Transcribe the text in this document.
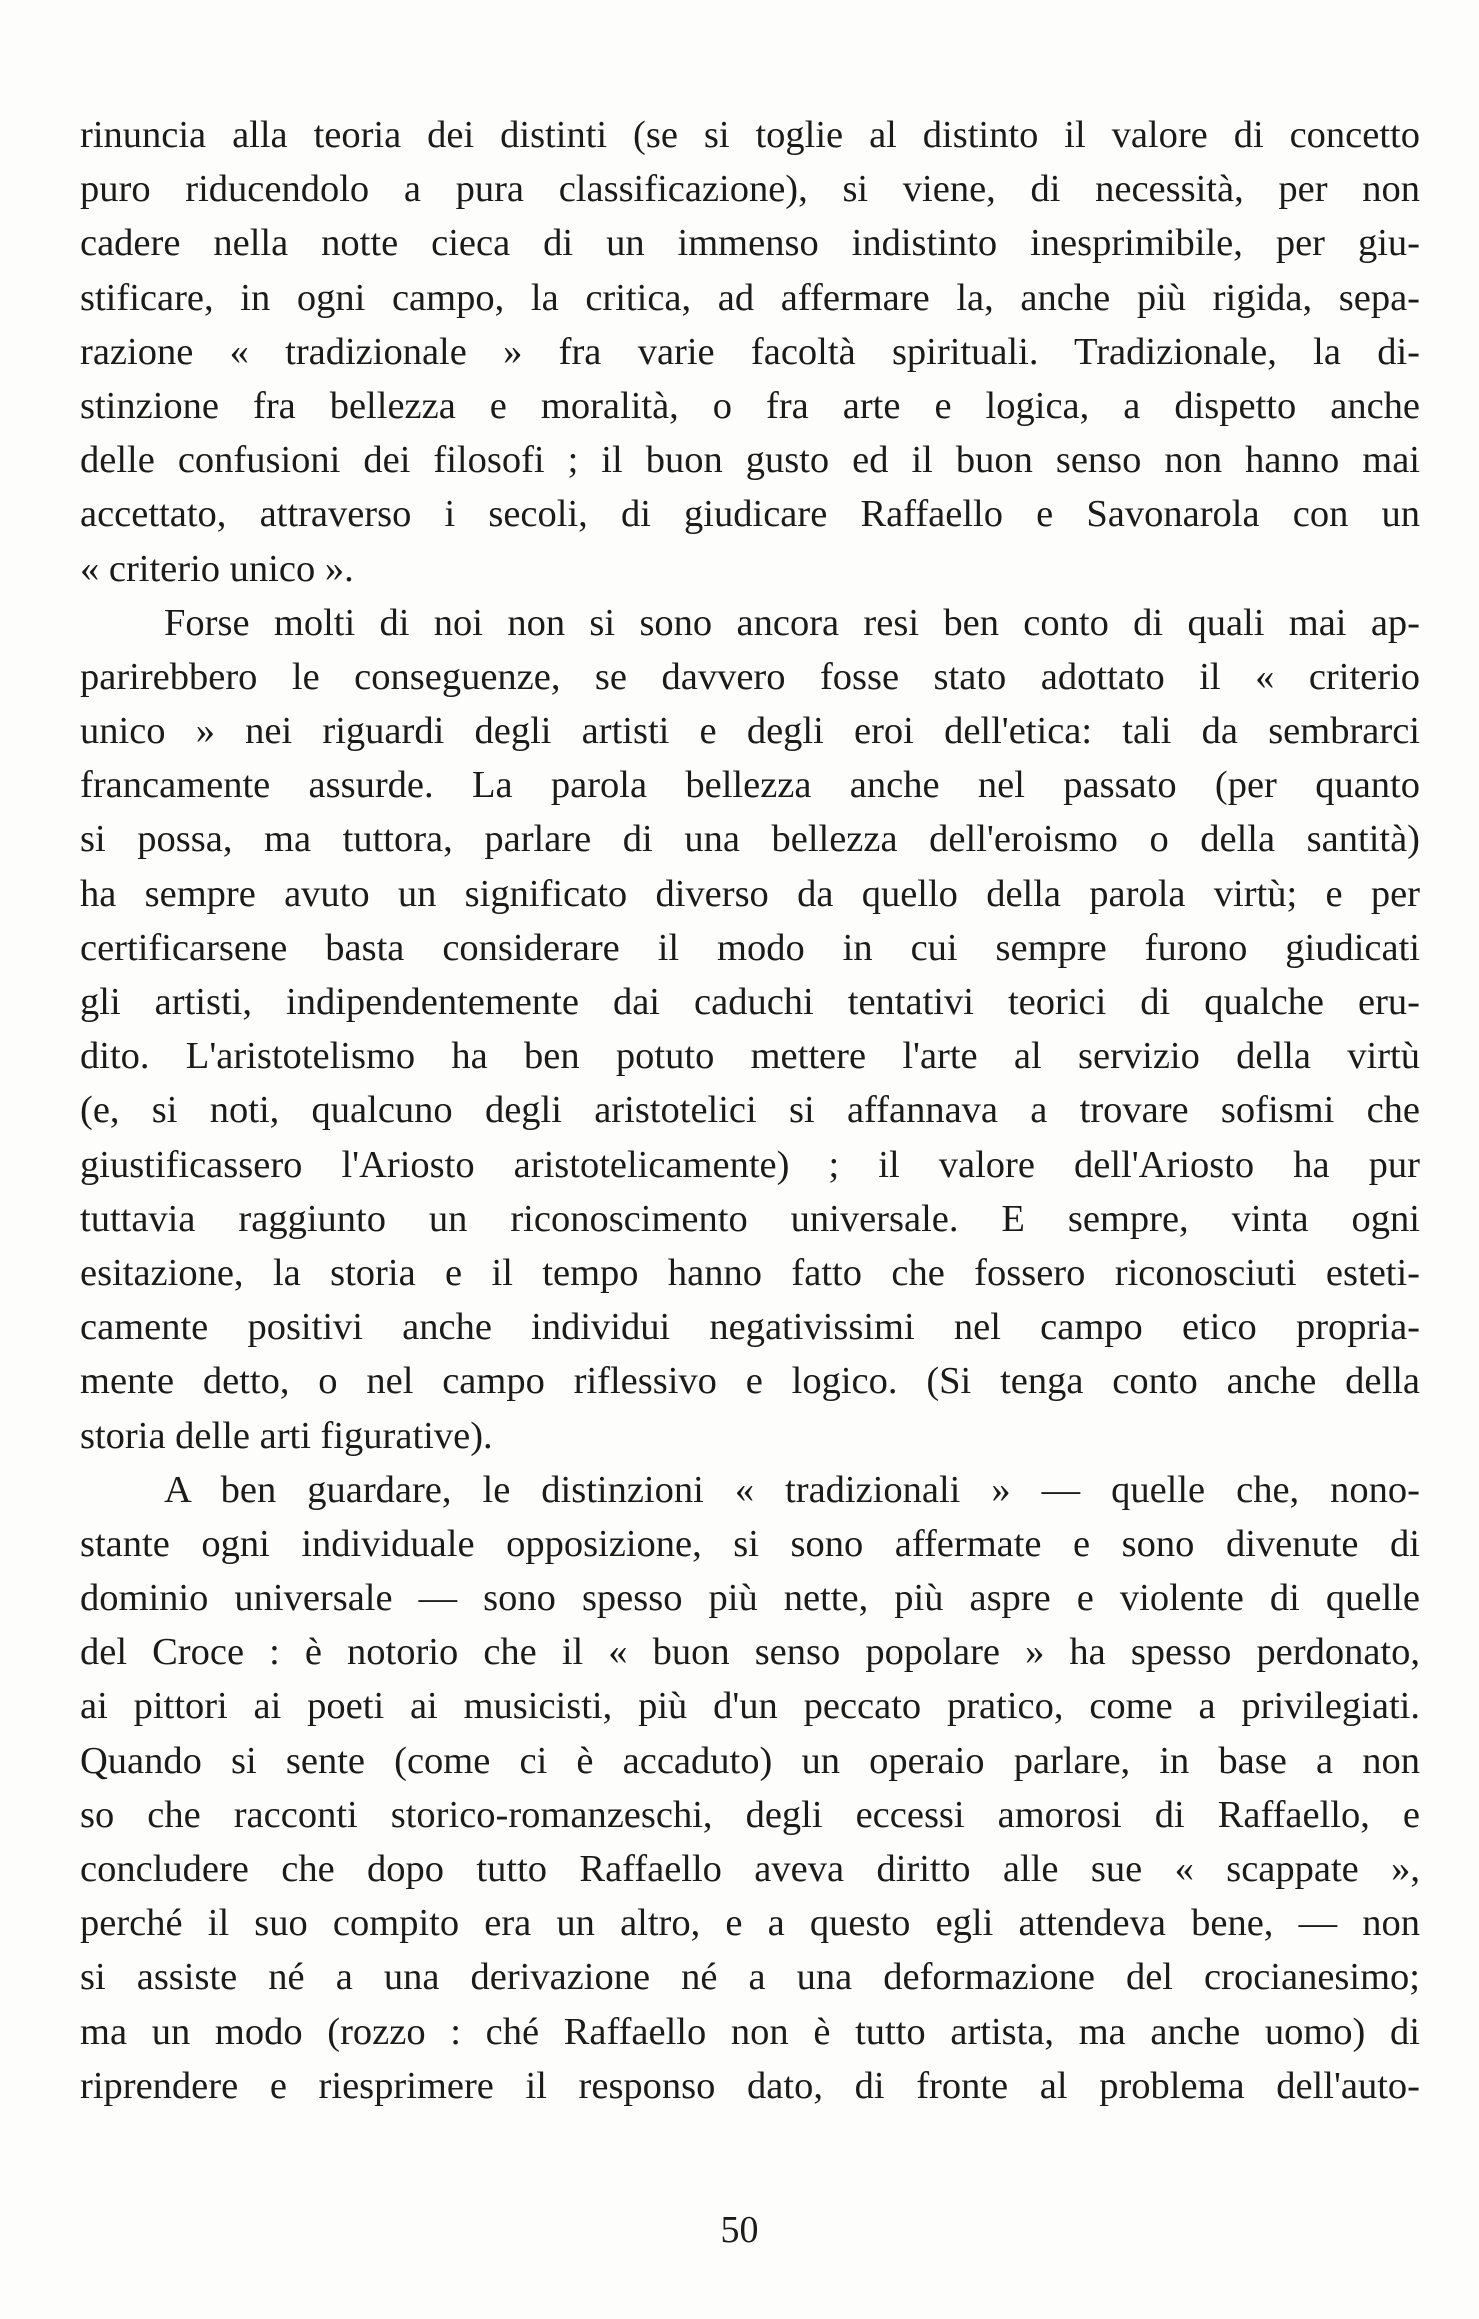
rinuncia alla teoria dei distinti (se si toglie al distinto il valore di concetto
puro riducendolo a pura classificazione), si viene, di necessità, per non
cadere nella notte cieca di un immenso indistinto inesprimibile, per giu-
stificare, in ogni campo, la critica, ad affermare la, anche più rigida, sepa-
razione « tradizionale » fra varie facoltà spirituali. Tradizionale, la di-
stinzione fra bellezza e moralità, o fra arte e logica, a dispetto anche
delle confusioni dei filosofi ; il buon gusto ed il buon senso non hanno mai
accettato, attraverso i secoli, di giudicare Raffaello e Savonarola con un
« criterio unico ».
Forse molti di noi non si sono ancora resi ben conto di quali mai ap-
parirebbero le conseguenze, se davvero fosse stato adottato il « criterio
unico » nei riguardi degli artisti e degli eroi dell'etica: tali da sembrarci
francamente assurde. La parola bellezza anche nel passato (per quanto
si possa, ma tuttora, parlare di una bellezza dell'eroismo o della santità)
ha sempre avuto un significato diverso da quello della parola virtù; e per
certificarsene basta considerare il modo in cui sempre furono giudicati
gli artisti, indipendentemente dai caduchi tentativi teorici di qualche eru-
dito. L'aristotelismo ha ben potuto mettere l'arte al servizio della virtù
(e, si noti, qualcuno degli aristotelici si affannava a trovare sofismi che
giustificassero l'Ariosto aristotelicamente) ; il valore dell'Ariosto ha pur
tuttavia raggiunto un riconoscimento universale. E sempre, vinta ogni
esitazione, la storia e il tempo hanno fatto che fossero riconosciuti esteti-
camente positivi anche individui negativissimi nel campo etico propria-
mente detto, o nel campo riflessivo e logico. (Si tenga conto anche della
storia delle arti figurative).
A ben guardare, le distinzioni « tradizionali » — quelle che, nono-
stante ogni individuale opposizione, si sono affermate e sono divenute di
dominio universale — sono spesso più nette, più aspre e violente di quelle
del Croce : è notorio che il « buon senso popolare » ha spesso perdonato,
ai pittori ai poeti ai musicisti, più d'un peccato pratico, come a privilegiati.
Quando si sente (come ci è accaduto) un operaio parlare, in base a non
so che racconti storico-romanzeschi, degli eccessi amorosi di Raffaello, e
concludere che dopo tutto Raffaello aveva diritto alle sue « scappate »,
perché il suo compito era un altro, e a questo egli attendeva bene, — non
si assiste né a una derivazione né a una deformazione del crocianesimo;
ma un modo (rozzo : ché Raffaello non è tutto artista, ma anche uomo) di
riprendere e riesprimere il responso dato, di fronte al problema dell'auto-
50
